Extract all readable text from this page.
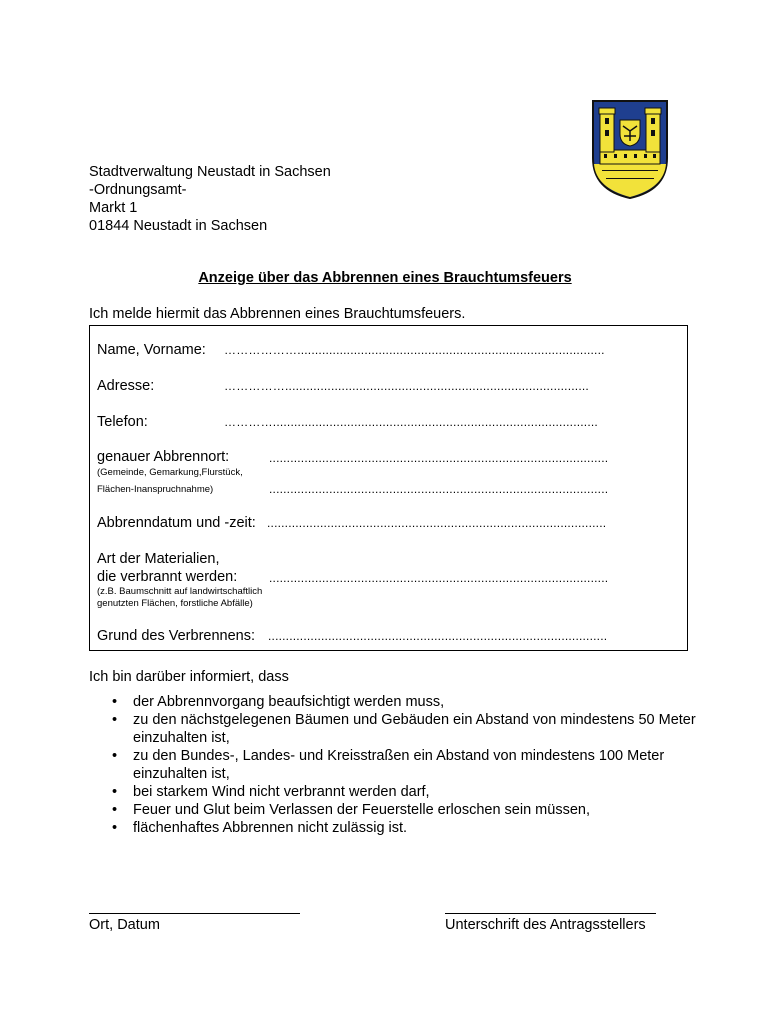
Stadtverwaltung Neustadt in Sachsen
-Ordnungsamt-
Markt 1
01844 Neustadt in Sachsen
Anzeige über das Abbrennen eines Brauchtumsfeuers
Ich melde hiermit das Abbrennen eines Brauchtumsfeuers.
Name, Vorname: ……………….......................................................................................
Adresse:	……………......................................................................................
Telefon:	…………............................................................................................
genauer Abbrennort:
(Gemeinde, Gemarkung,Flurstück,
Flächen-Inanspruchnahme)
................................................................................................
................................................................................................
Abbrenndatum und -zeit: ................................................................................................
Art der Materialien,
die verbrannt werden:	................................................................................................
(z.B. Baumschnitt auf landwirtschaftlich
genutzten Flächen, forstliche Abfälle)
Grund des Verbrennens: ................................................................................................
Ich bin darüber informiert, dass
• der Abbrennvorgang beaufsichtigt werden muss,
• zu den nächstgelegenen Bäumen und Gebäuden ein Abstand von mindestens 50 Meter einzuhalten ist,
• zu den Bundes-, Landes- und Kreisstraßen ein Abstand von mindestens 100 Meter einzuhalten ist,
• bei starkem Wind nicht verbrannt werden darf,
• Feuer und Glut beim Verlassen der Feuerstelle erloschen sein müssen,
• flächenhaftes Abbrennen nicht zulässig ist.
Ort, Datum	Unterschrift des Antragsstellers
